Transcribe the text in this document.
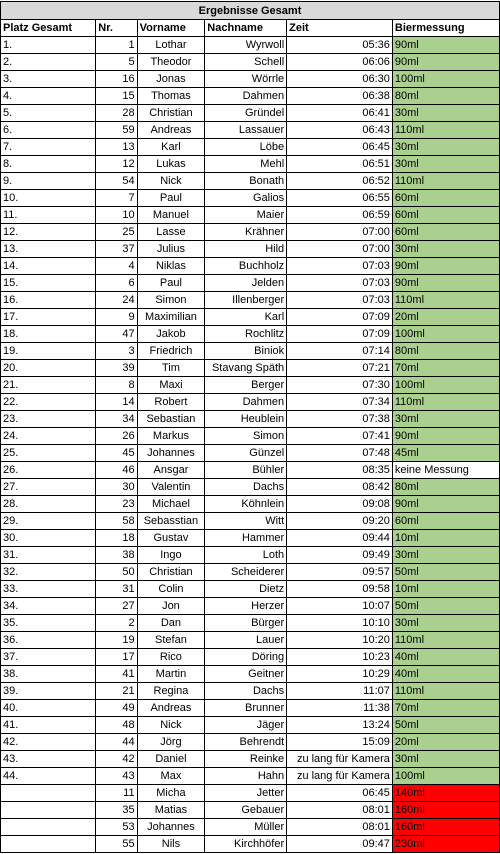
Ergebnisse Gesamt					
Platz Gesamt	Nr.	Vorname	Nachname	Zeit	Biermessung
1.	1	Lothar	Wyrwoll	05:36	90ml
2.	5	Theodor	Schell	06:06	90ml
3.	16	Jonas	Wörrle	06:30	100ml
4.	15	Thomas	Dahmen	06:38	80ml
5.	28	Christian	Gründel	06:41	30ml
6.	59	Andreas	Lassauer	06:43	110ml
7.	13	Karl	Löbe	06:45	30ml
8.	12	Lukas	Mehl	06:51	30ml
9.	54	Nick	Bonath	06:52	110ml
10.	7	Paul	Galios	06:55	60ml
11.	10	Manuel	Maier	06:59	60ml
12.	25	Lasse	Krähner	07:00	60ml
13.	37	Julius	Hild	07:00	30ml
14.	4	Niklas	Buchholz	07:03	90ml
15.	6	Paul	Jelden	07:03	90ml
16.	24	Simon	Illenberger	07:03	110ml
17.	9	Maximilian	Karl	07:09	20ml
18.	47	Jakob	Rochlitz	07:09	100ml
19.	3	Friedrich	Biniok	07:14	80ml
20.	39	Tim	Stavang Späth	07:21	70ml
21.	8	Maxi	Berger	07:30	100ml
22.	14	Robert	Dahmen	07:34	110ml
23.	34	Sebastian	Heublein	07:38	30ml
24.	26	Markus	Simon	07:41	90ml
25.	45	Johannes	Günzel	07:48	45ml
26.	46	Ansgar	Bühler	08:35	keine Messung
27.	30	Valentin	Dachs	08:42	80ml
28.	23	Michael	Köhnlein	09:08	90ml
29.	58	Sebasstian	Witt	09:20	60ml
30.	18	Gustav	Hammer	09:44	10ml
31.	38	Ingo	Loth	09:49	30ml
32.	50	Christian	Scheiderer	09:57	50ml
33.	31	Colin	Dietz	09:58	10ml
34.	27	Jon	Herzer	10:07	50ml
35.	2	Dan	Bürger	10:10	30ml
36.	19	Stefan	Lauer	10:20	110ml
37.	17	Rico	Döring	10:23	40ml
38.	41	Martin	Geitner	10:29	40ml
39.	21	Regina	Dachs	11:07	110ml
40.	49	Andreas	Brunner	11:38	70ml
41.	48	Nick	Jäger	13:24	50ml
42.	44	Jörg	Behrendt	15:09	20ml
43.	42	Daniel	Reinke	zu lang für Kamera	30ml
44.	43	Max	Hahn	zu lang für Kamera	100ml
	11	Micha	Jetter	06:45	140ml
	35	Matias	Gebauer	08:01	160ml
	53	Johannes	Müller	08:01	160ml
	55	Nils	Kirchhöfer	09:47	230ml
